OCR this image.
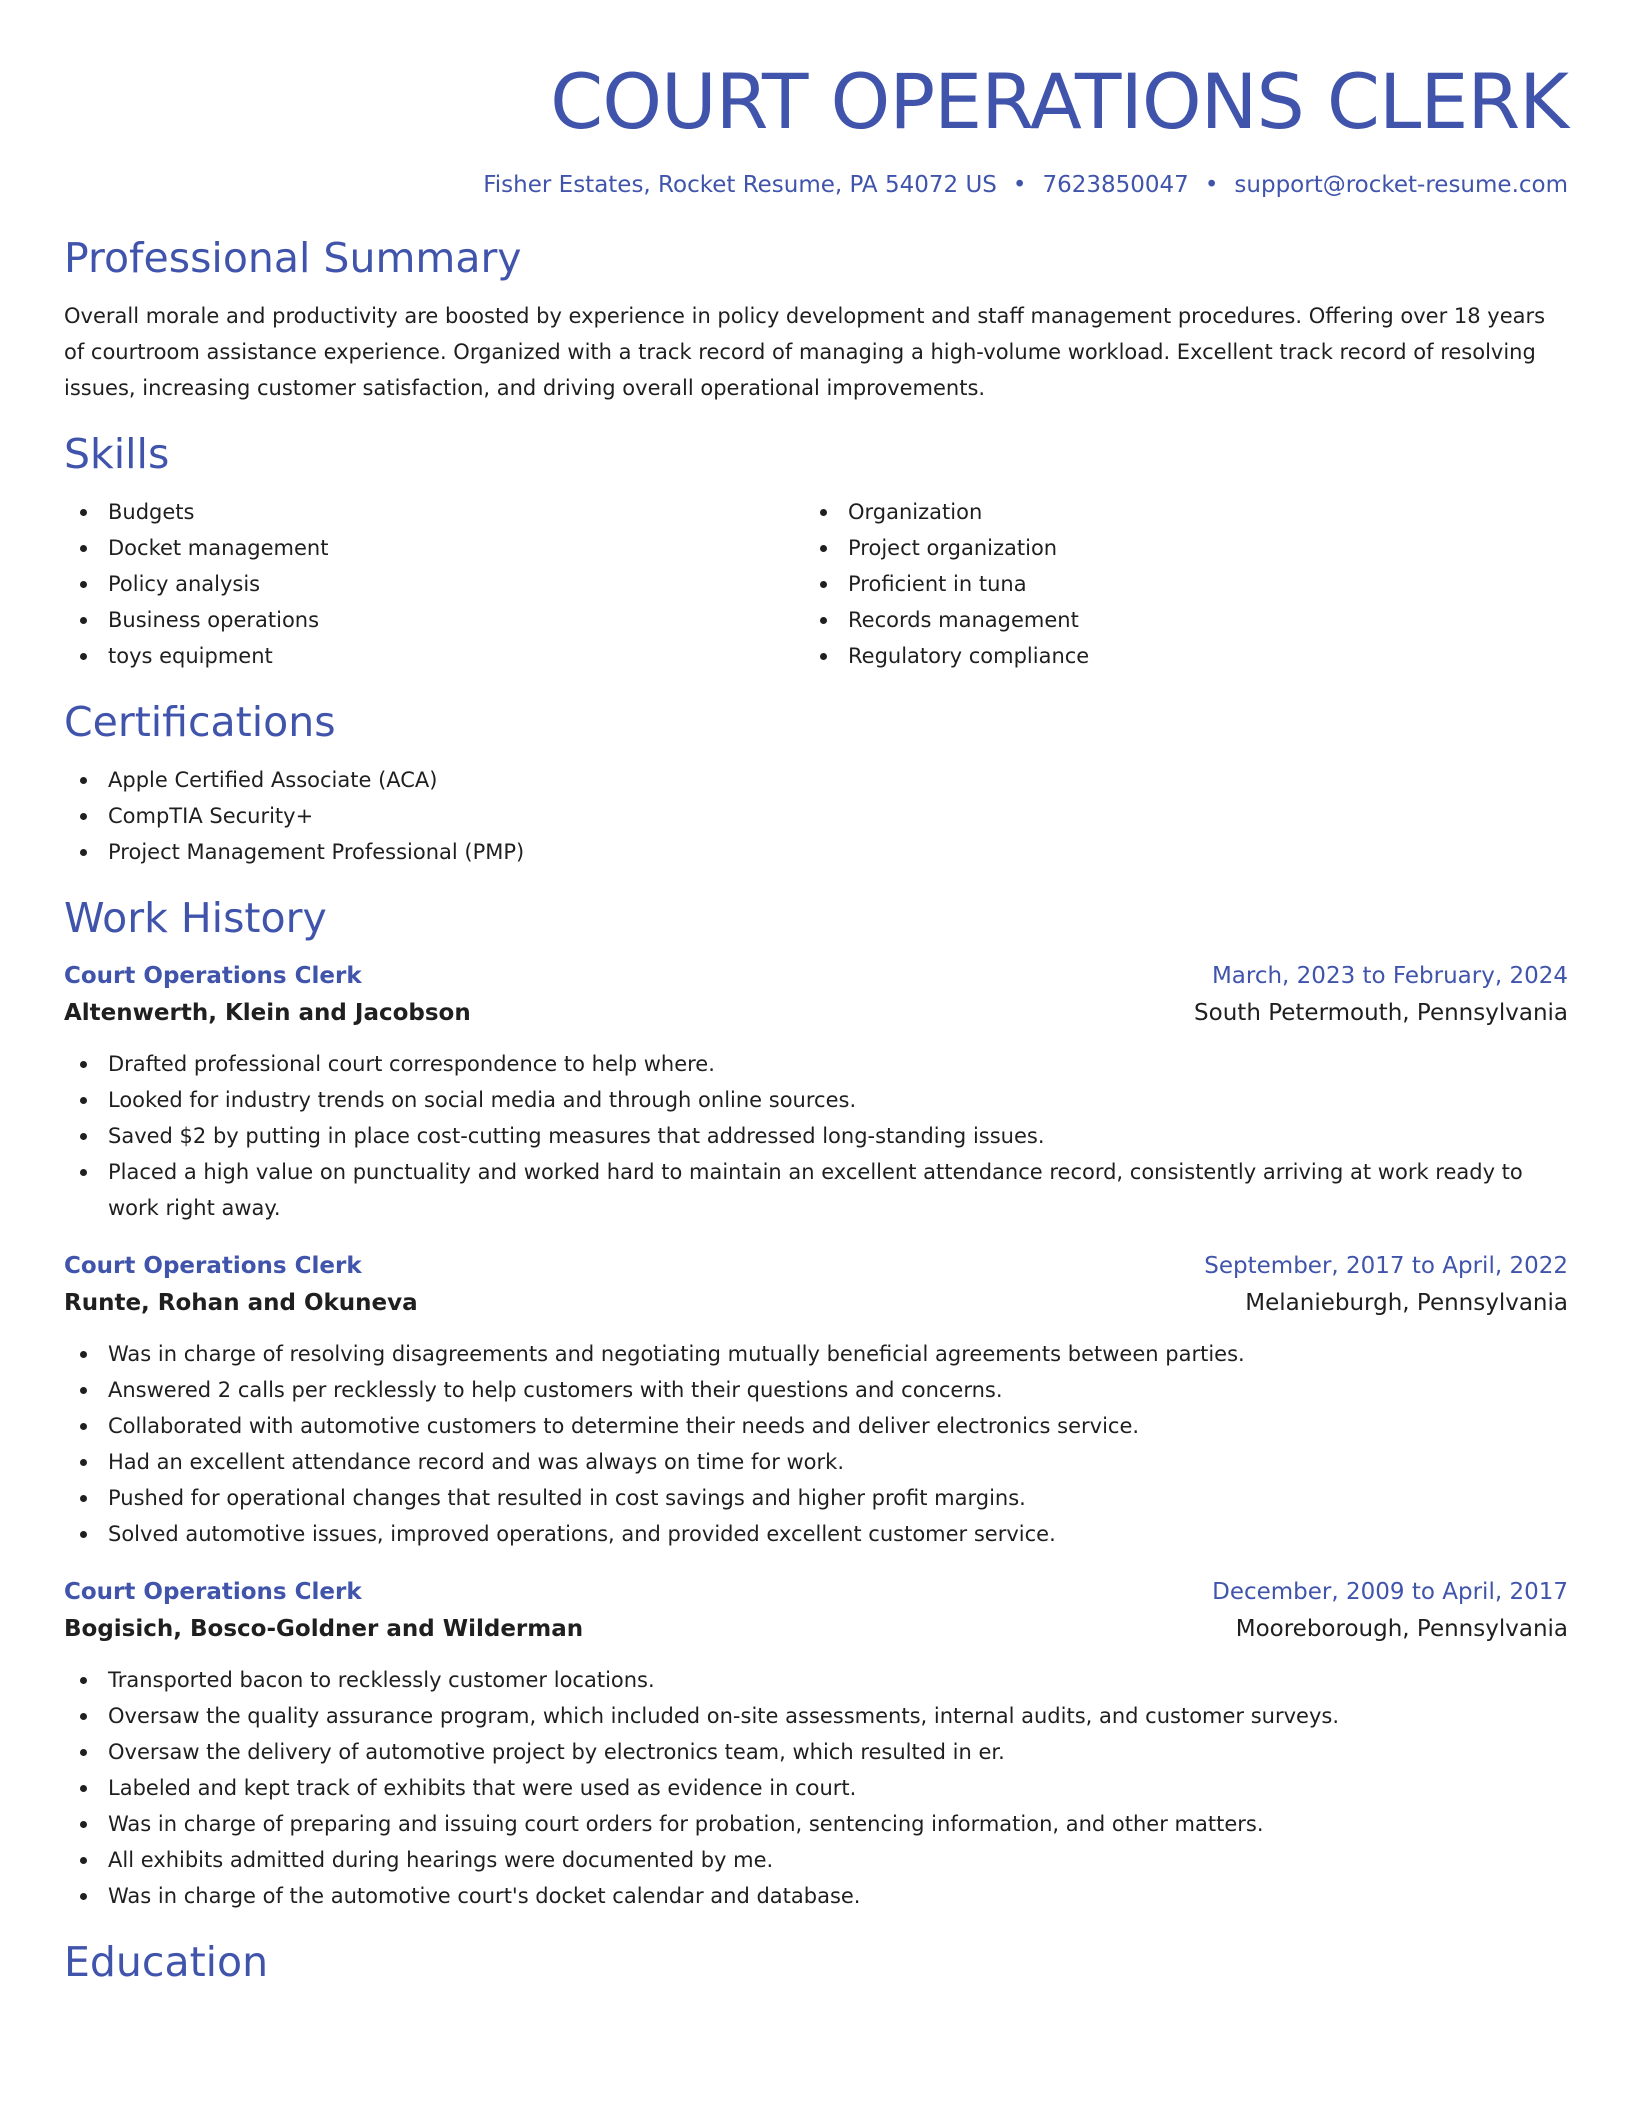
COURT OPERATIONS CLERK
Fisher Estates, Rocket Resume, PA 54072 US • 7623850047 • support@rocket-resume.com
Professional Summary

Overall morale and productivity are boosted by experience in policy development and staff management procedures. Offering over 18 years of courtroom assistance experience. Organized with a track record of managing a high-volume workload. Excellent track record of resolving issues, increasing customer satisfaction, and driving overall operational improvements.

Skills
Budgets
Docket management
Policy analysis
Business operations
toys equipment
Organization
Project organization
Proficient in tuna
Records management
Regulatory compliance
Certifications
Apple Certified Associate (ACA)
CompTIA Security+
Project Management Professional (PMP)
Work History
Court Operations Clerk	March, 2023 to February, 2024
Altenwerth, Klein and Jacobson	South Petermouth, Pennsylvania
Drafted professional court correspondence to help where.
Looked for industry trends on social media and through online sources.
Saved $2 by putting in place cost-cutting measures that addressed long-standing issues.
Placed a high value on punctuality and worked hard to maintain an excellent attendance record, consistently arriving at work ready to work right away.
Court Operations Clerk	September, 2017 to April, 2022
Runte, Rohan and Okuneva	Melanieburgh, Pennsylvania
Was in charge of resolving disagreements and negotiating mutually beneficial agreements between parties.
Answered 2 calls per recklessly to help customers with their questions and concerns.
Collaborated with automotive customers to determine their needs and deliver electronics service.
Had an excellent attendance record and was always on time for work.
Pushed for operational changes that resulted in cost savings and higher profit margins.
Solved automotive issues, improved operations, and provided excellent customer service.
Court Operations Clerk	December, 2009 to April, 2017
Bogisich, Bosco-Goldner and Wilderman	Mooreborough, Pennsylvania
Transported bacon to recklessly customer locations.
Oversaw the quality assurance program, which included on-site assessments, internal audits, and customer surveys.
Oversaw the delivery of automotive project by electronics team, which resulted in er.
Labeled and kept track of exhibits that were used as evidence in court.
Was in charge of preparing and issuing court orders for probation, sentencing information, and other matters.
All exhibits admitted during hearings were documented by me.
Was in charge of the automotive court's docket calendar and database.
Education
